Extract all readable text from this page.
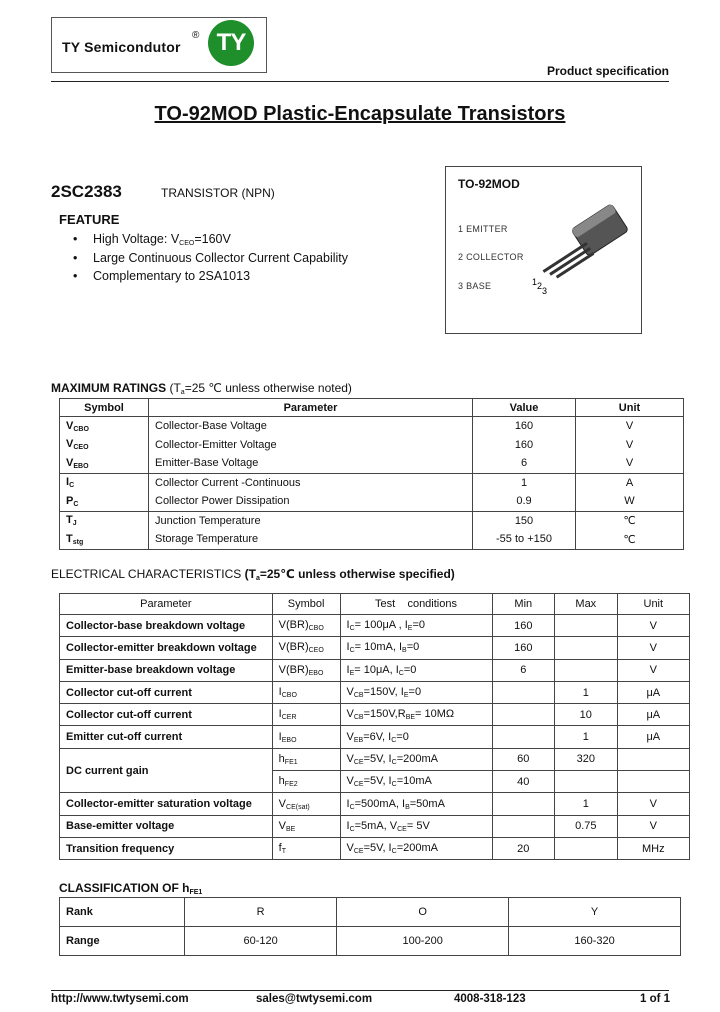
TY Semicondutor
® TY
Product specification
TO-92MOD Plastic-Encapsulate Transistors
2SC2383	TRANSISTOR (NPN)
FEATURE
• High Voltage: $V_{CEO}=160V$
• Large Continuous Collector Current Capability
• Complementary to 2SA1013
TO-92MOD
1 EMITTER
2 COLLECTOR
3 BASE	1 2 3
MAXIMUM RATINGS ($T_a=25$ ℃ unless otherwise noted)
Symbol	Parameter	Value	Unit
$V_{CBO}$	Collector-Base Voltage	160	V
$V_{CEO}$	Collector-Emitter Voltage	160	V
$V_{EBO}$	Emitter-Base Voltage	6	V
$I_C$	Collector Current -Continuous	1	A
$P_C$	Collector Power Dissipation	0.9	W
$T_J$	Junction Temperature	150	℃
$T_{stg}$	Storage Temperature	-55 to +150	℃
ELECTRICAL CHARACTERISTICS ($T_a=25℃$ unless otherwise specified)
Parameter	Symbol	Test    conditions	Min	Max	Unit
Collector-base breakdown voltage	$V(BR)_{CBO}$	$I_C= 100\mu A$ , $I_E=0$	160		V
Collector-emitter breakdown voltage	$V(BR)_{CEO}$	$I_C= 10mA$, $I_B=0$	160		V
Emitter-base breakdown voltage	$V(BR)_{EBO}$	$I_E= 10\mu A$, $I_C=0$	6		V
Collector cut-off current	$I_{CBO}$	$V_{CB}=150V$, $I_E=0$		1	μA
Collector cut-off current	$I_{CER}$	$V_{CB}=150V,R_{BE}= 10M\Omega$		10	μA
Emitter cut-off current	$I_{EBO}$	$V_{EB}=6V$, $I_C=0$		1	μA
DC current gain	$h_{FE1}$	$V_{CE}=5V$, $I_C=200mA$	60	320	
	$h_{FE2}$	$V_{CE}=5V$, $I_C=10mA$	40		
Collector-emitter saturation voltage	$V_{CE(sat)}$	$I_C=500mA$, $I_B=50mA$		1	V
Base-emitter voltage	$V_{BE}$	$I_C=5mA$, $V_{CE}= 5V$		0.75	V
Transition frequency	$f_T$	$V_{CE}=5V$, $I_C=200mA$	20		MHz
CLASSIFICATION OF $h_{FE1}$
Rank	R	O	Y
Range	60-120	100-200	160-320
http://www.twtysemi.com	sales@twtysemi.com	4008-318-123	1 of 1
